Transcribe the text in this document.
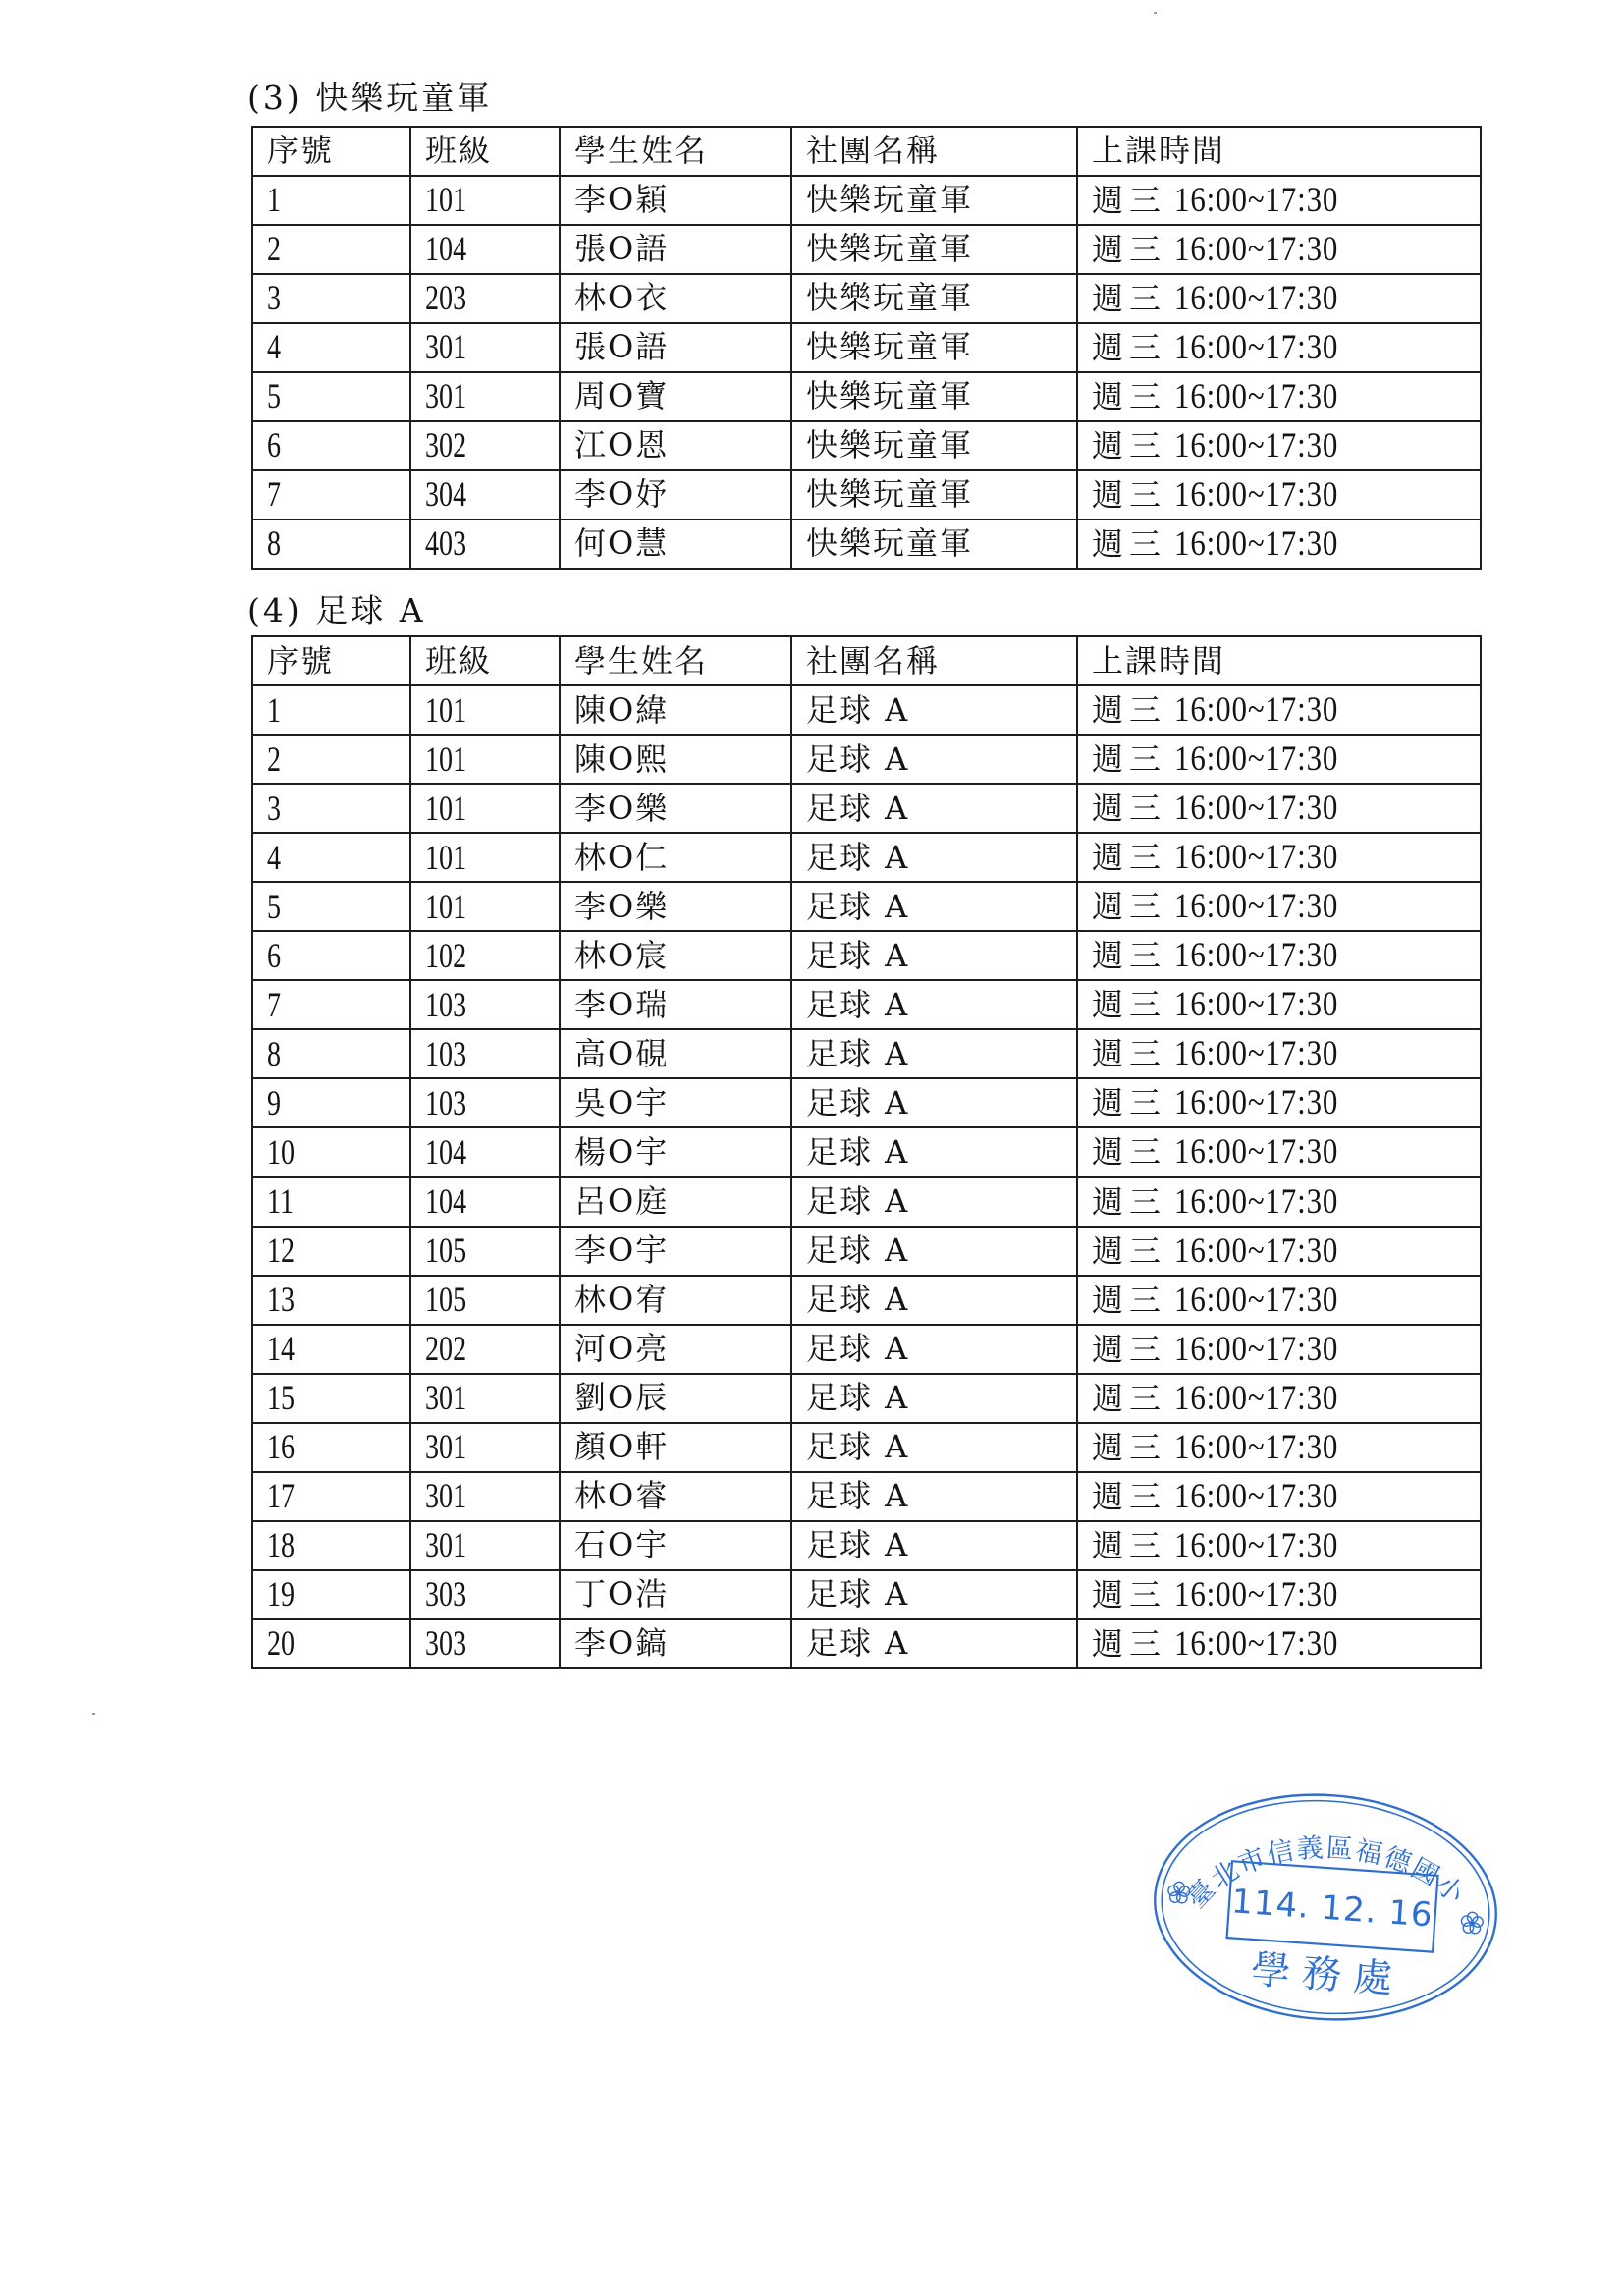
(3) 快樂玩童軍
序號	班級	學生姓名	社團名稱	上課時間
1	101	李O穎	快樂玩童軍	週三 16:00~17:30
2	104	張O語	快樂玩童軍	週三 16:00~17:30
3	203	林O衣	快樂玩童軍	週三 16:00~17:30
4	301	張O語	快樂玩童軍	週三 16:00~17:30
5	301	周O寶	快樂玩童軍	週三 16:00~17:30
6	302	江O恩	快樂玩童軍	週三 16:00~17:30
7	304	李O妤	快樂玩童軍	週三 16:00~17:30
8	403	何O慧	快樂玩童軍	週三 16:00~17:30
(4) 足球 A
序號	班級	學生姓名	社團名稱	上課時間
1	101	陳O緯	足球 A	週三 16:00~17:30
2	101	陳O熙	足球 A	週三 16:00~17:30
3	101	李O樂	足球 A	週三 16:00~17:30
4	101	林O仁	足球 A	週三 16:00~17:30
5	101	李O樂	足球 A	週三 16:00~17:30
6	102	林O宸	足球 A	週三 16:00~17:30
7	103	李O瑞	足球 A	週三 16:00~17:30
8	103	高O硯	足球 A	週三 16:00~17:30
9	103	吳O宇	足球 A	週三 16:00~17:30
10	104	楊O宇	足球 A	週三 16:00~17:30
11	104	呂O庭	足球 A	週三 16:00~17:30
12	105	李O宇	足球 A	週三 16:00~17:30
13	105	林O宥	足球 A	週三 16:00~17:30
14	202	河O亮	足球 A	週三 16:00~17:30
15	301	劉O辰	足球 A	週三 16:00~17:30
16	301	顏O軒	足球 A	週三 16:00~17:30
17	301	林O睿	足球 A	週三 16:00~17:30
18	301	石O宇	足球 A	週三 16:00~17:30
19	303	丁O浩	足球 A	週三 16:00~17:30
20	303	李O鎬	足球 A	週三 16:00~17:30
臺北市信義區福德國小
114. 12. 16
學務處
